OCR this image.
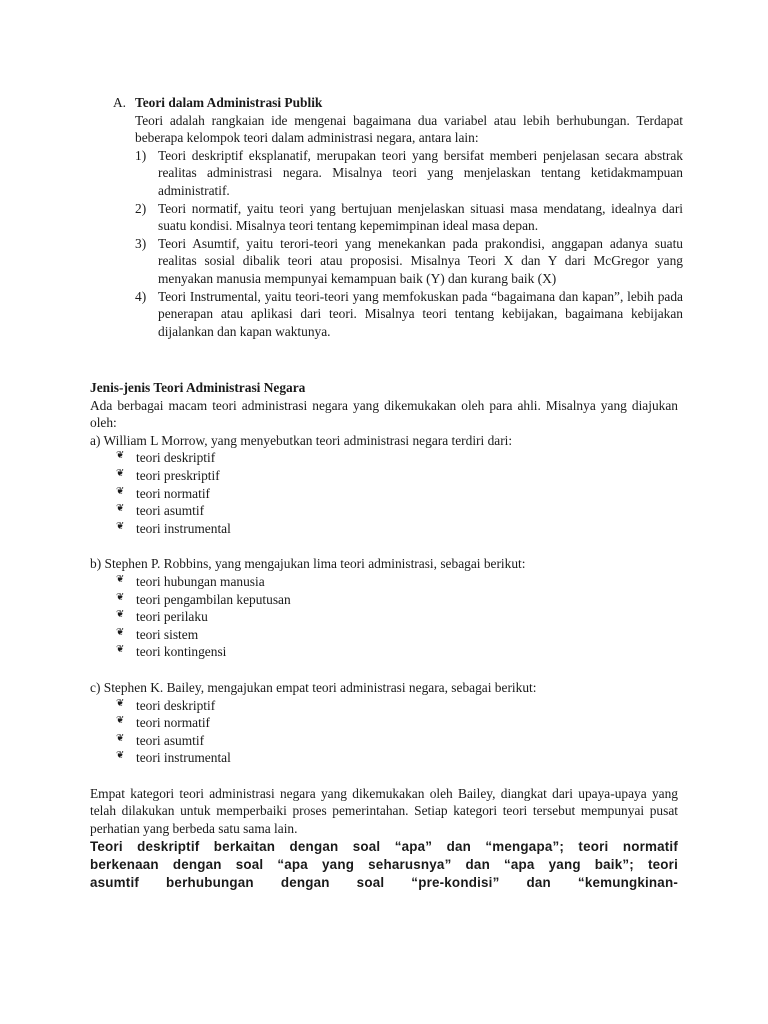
A. Teori dalam Administrasi Publik
Teori adalah rangkaian ide mengenai bagaimana dua variabel atau lebih berhubungan. Terdapat beberapa kelompok teori dalam administrasi negara, antara lain:
1) Teori deskriptif eksplanatif, merupakan teori yang bersifat memberi penjelasan secara abstrak realitas administrasi negara. Misalnya teori yang menjelaskan tentang ketidakmampuan administratif.
2) Teori normatif, yaitu teori yang bertujuan menjelaskan situasi masa mendatang, idealnya dari suatu kondisi. Misalnya teori tentang kepemimpinan ideal masa depan.
3) Teori Asumtif, yaitu terori-teori yang menekankan pada prakondisi, anggapan adanya suatu realitas sosial dibalik teori atau proposisi. Misalnya Teori X dan Y dari McGregor yang menyakan manusia mempunyai kemampuan baik (Y) dan kurang baik (X)
4) Teori Instrumental, yaitu teori-teori yang memfokuskan pada “bagaimana dan kapan”, lebih pada penerapan atau aplikasi dari teori. Misalnya teori tentang kebijakan, bagaimana kebijakan dijalankan dan kapan waktunya.
Jenis-jenis Teori Administrasi Negara
Ada berbagai macam teori administrasi negara yang dikemukakan oleh para ahli. Misalnya yang diajukan oleh:
a) William L Morrow, yang menyebutkan teori administrasi negara terdiri dari:
❦ teori deskriptif
❦ teori preskriptif
❦ teori normatif
❦ teori asumtif
❦ teori instrumental
b) Stephen P. Robbins, yang mengajukan lima teori administrasi, sebagai berikut:
❦ teori hubungan manusia
❦ teori pengambilan keputusan
❦ teori perilaku
❦ teori sistem
❦ teori kontingensi
c) Stephen K. Bailey, mengajukan empat teori administrasi negara, sebagai berikut:
❦ teori deskriptif
❦ teori normatif
❦ teori asumtif
❦ teori instrumental
Empat kategori teori administrasi negara yang dikemukakan oleh Bailey, diangkat dari upaya-upaya yang telah dilakukan untuk memperbaiki proses pemerintahan. Setiap kategori teori tersebut mempunyai pusat perhatian yang berbeda satu sama lain.
Teori deskriptif berkaitan dengan soal “apa” dan “mengapa”; teori normatif
berkenaan dengan soal “apa yang seharusnya” dan “apa yang baik”; teori
asumtif berhubungan dengan soal “pre-kondisi” dan “kemungkinan-
